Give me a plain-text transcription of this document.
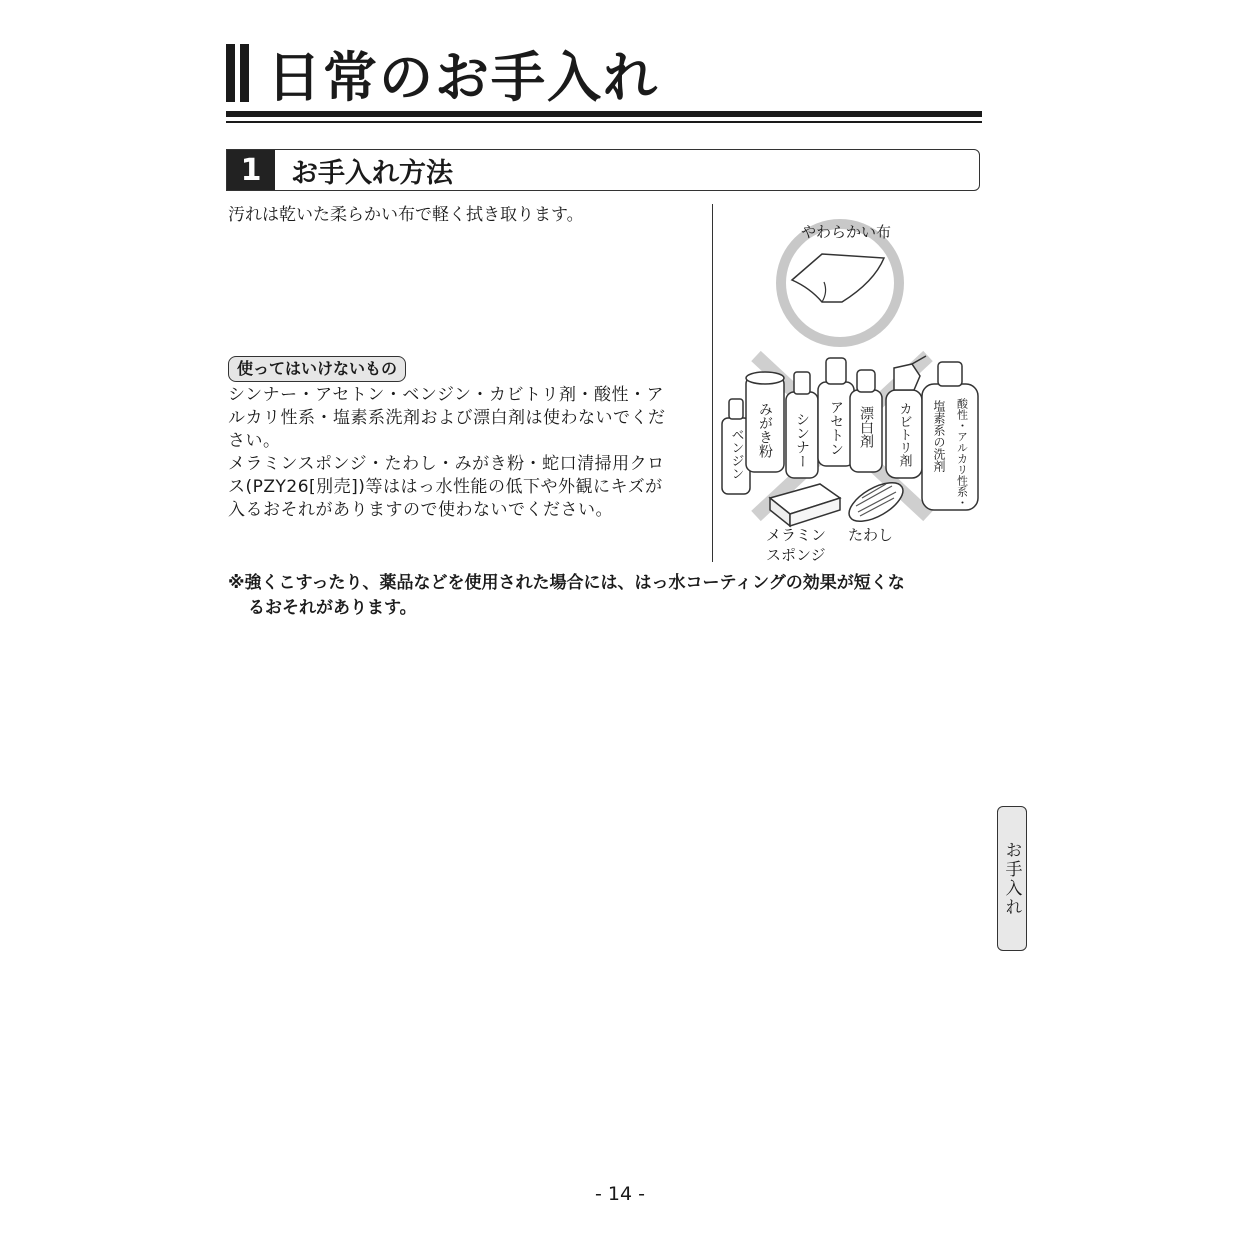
日常のお手入れ
1	お手入れ方法
汚れは乾いた柔らかい布で軽く拭き取ります。
使ってはいけないもの

シンナー・アセトン・ベンジン・カビトリ剤・酸性・ア

ルカリ性系・塩素系洗剤および漂白剤は使わないでくだ

さい。

メラミンスポンジ・たわし・みがき粉・蛇口清掃用クロ

ス(PZY26[別売])等ははっ水性能の低下や外観にキズが

入るおそれがありますので使わないでください。

やわらかい布
ベンジン みがき粉 シンナー アセトン 漂白剤 カビトリ剤 塩素系の洗剤 酸性・アルカリ性系・
メラミン
スポンジ
たわし
※強くこすったり、薬品などを使用された場合には、はっ水コーティングの効果が短くな
るおそれがあります。
お手入れ
- 14 -
